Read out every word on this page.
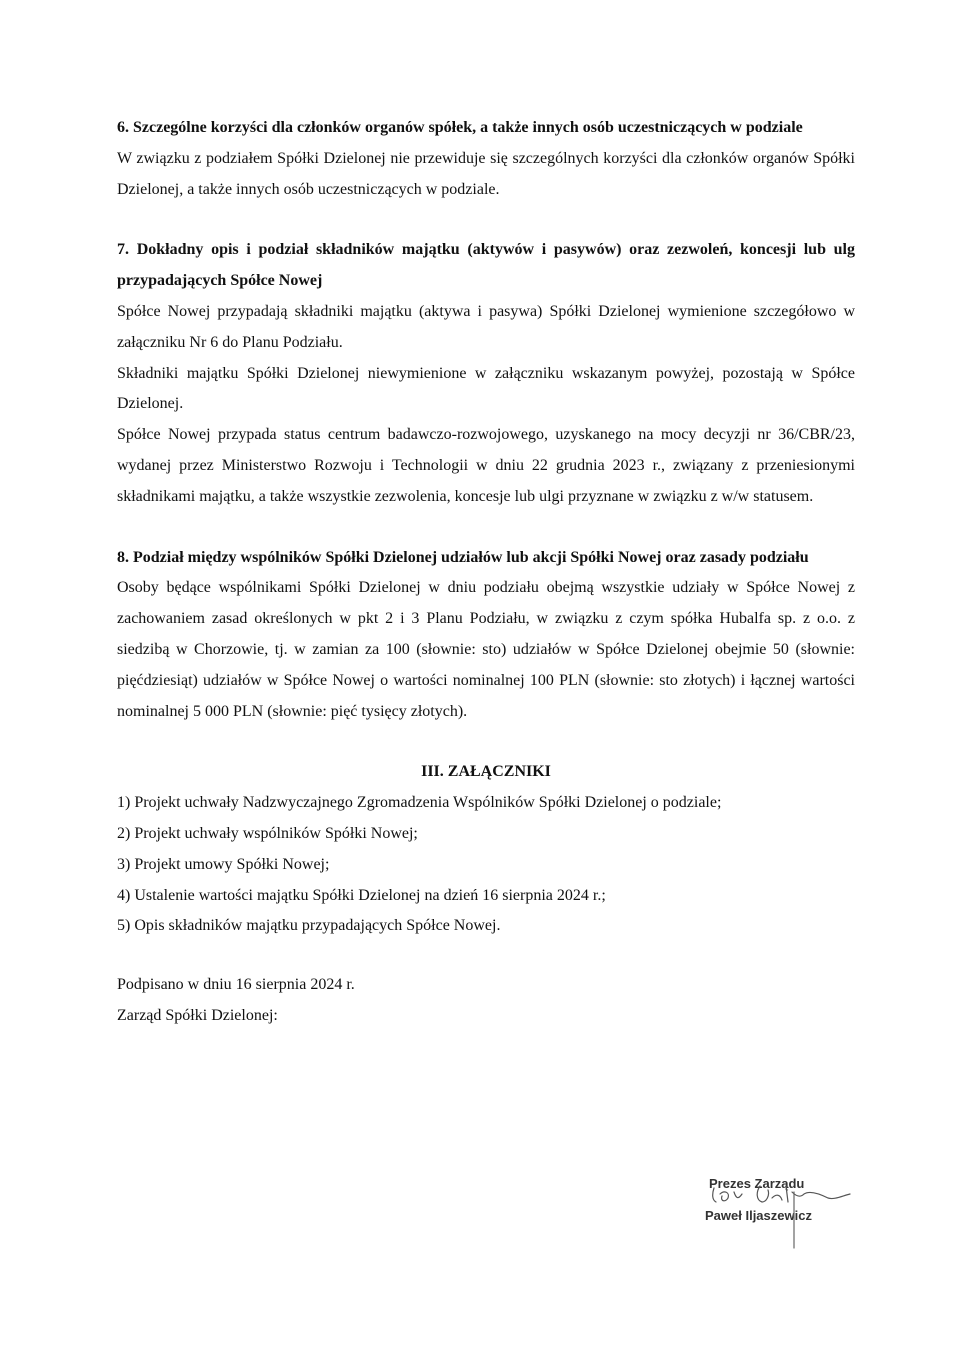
6. Szczególne korzyści dla członków organów spółek, a także innych osób uczestniczących w podziale

W związku z podziałem Spółki Dzielonej nie przewiduje się szczególnych korzyści dla członków organów Spółki Dzielonej, a także innych osób uczestniczących w podziale.

7. Dokładny opis i podział składników majątku (aktywów i pasywów) oraz zezwoleń, koncesji lub ulg przypadających Spółce Nowej

Spółce Nowej przypadają składniki majątku (aktywa i pasywa) Spółki Dzielonej wymienione szczegółowo w załączniku Nr 6 do Planu Podziału.

Składniki majątku Spółki Dzielonej niewymienione w załączniku wskazanym powyżej, pozostają w Spółce Dzielonej.

Spółce Nowej przypada status centrum badawczo-rozwojowego, uzyskanego na mocy decyzji nr 36/CBR/23, wydanej przez Ministerstwo Rozwoju i Technologii w dniu 22 grudnia 2023 r., związany z przeniesionymi składnikami majątku, a także wszystkie zezwolenia, koncesje lub ulgi przyznane w związku z w/w statusem.

8. Podział między wspólników Spółki Dzielonej udziałów lub akcji Spółki Nowej oraz zasady podziału

Osoby będące wspólnikami Spółki Dzielonej w dniu podziału obejmą wszystkie udziały w Spółce Nowej z zachowaniem zasad określonych w pkt 2 i 3 Planu Podziału, w związku z czym spółka Hubalfa sp. z o.o. z siedzibą w Chorzowie, tj. w zamian za 100 (słownie: sto) udziałów w Spółce Dzielonej obejmie 50 (słownie: pięćdziesiąt) udziałów w Spółce Nowej o wartości nominalnej 100 PLN (słownie: sto złotych) i łącznej wartości nominalnej 5 000 PLN (słownie: pięć tysięcy złotych).

III. ZAŁĄCZNIKI
1) Projekt uchwały Nadzwyczajnego Zgromadzenia Wspólników Spółki Dzielonej o podziale;
2) Projekt uchwały wspólników Spółki Nowej;
3) Projekt umowy Spółki Nowej;
4) Ustalenie wartości majątku Spółki Dzielonej na dzień 16 sierpnia 2024 r.;
5) Opis składników majątku przypadających Spółce Nowej.
Podpisano w dniu 16 sierpnia 2024 r.
Zarząd Spółki Dzielonej:
Prezes Zarządu
Paweł Iljaszewicz
